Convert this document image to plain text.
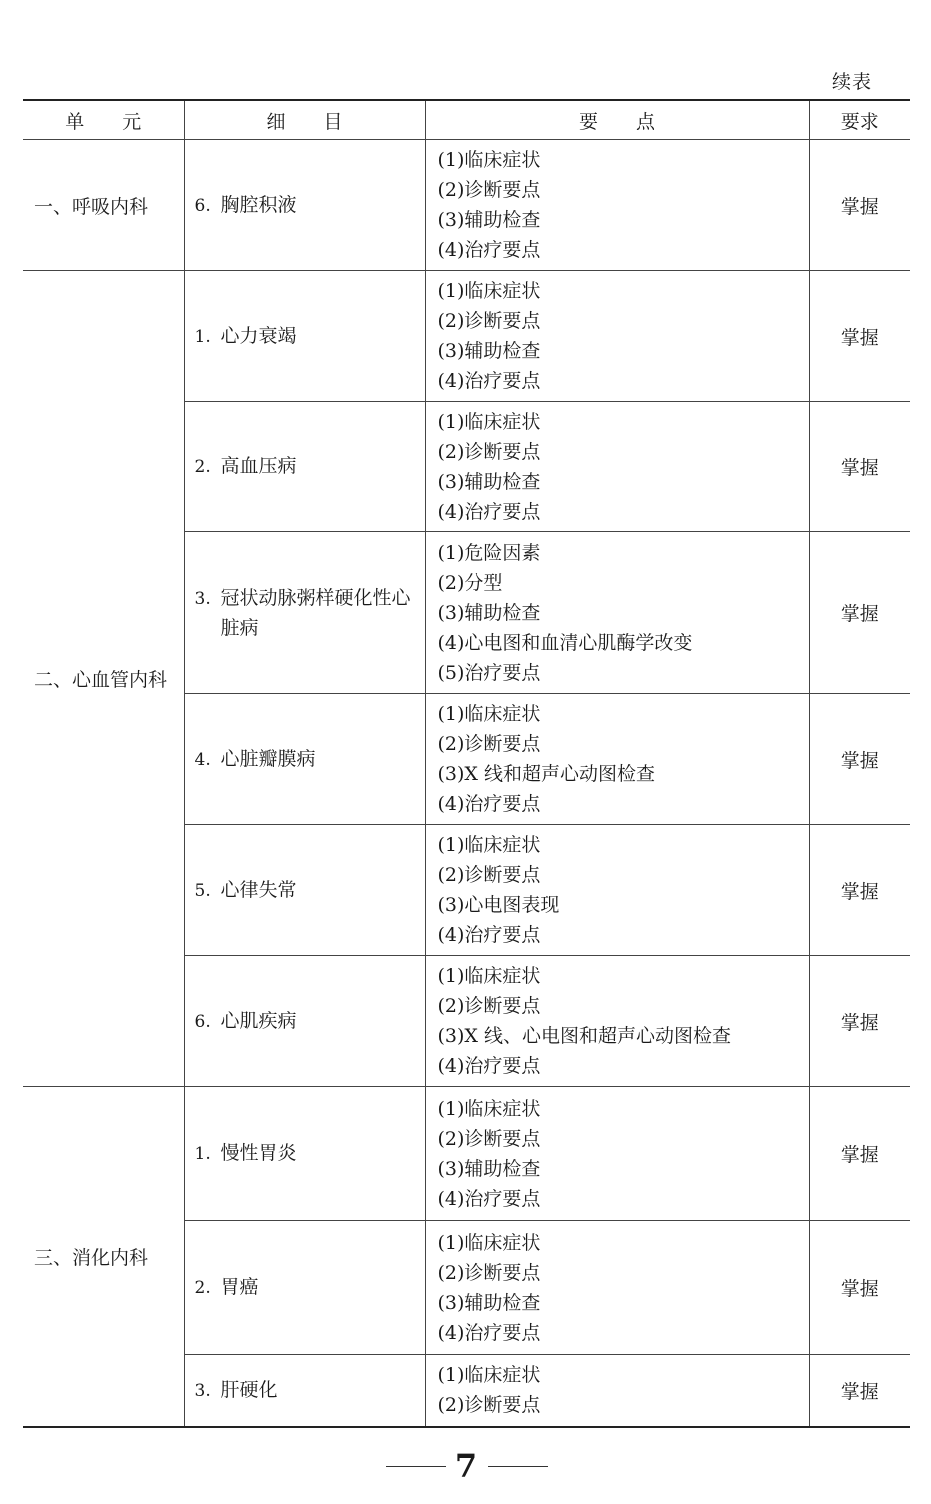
续表
单　　元	细　　目	要　　点	要求
一、呼吸内科	6. 胸腔积液	(1)临床症状
(2)诊断要点
(3)辅助检查
(4)治疗要点	掌握
二、心血管内科	1. 心力衰竭	(1)临床症状
(2)诊断要点
(3)辅助检查
(4)治疗要点	掌握
	2. 高血压病	(1)临床症状
(2)诊断要点
(3)辅助检查
(4)治疗要点	掌握
	3. 冠状动脉粥样硬化性心脏病	(1)危险因素
(2)分型
(3)辅助检查
(4)心电图和血清心肌酶学改变
(5)治疗要点	掌握
	4. 心脏瓣膜病	(1)临床症状
(2)诊断要点
(3)X 线和超声心动图检查
(4)治疗要点	掌握
	5. 心律失常	(1)临床症状
(2)诊断要点
(3)心电图表现
(4)治疗要点	掌握
	6. 心肌疾病	(1)临床症状
(2)诊断要点
(3)X 线、心电图和超声心动图检查
(4)治疗要点	掌握
三、消化内科	1. 慢性胃炎	(1)临床症状
(2)诊断要点
(3)辅助检查
(4)治疗要点	掌握
	2. 胃癌	(1)临床症状
(2)诊断要点
(3)辅助检查
(4)治疗要点	掌握
	3. 肝硬化	(1)临床症状
(2)诊断要点	掌握
7
